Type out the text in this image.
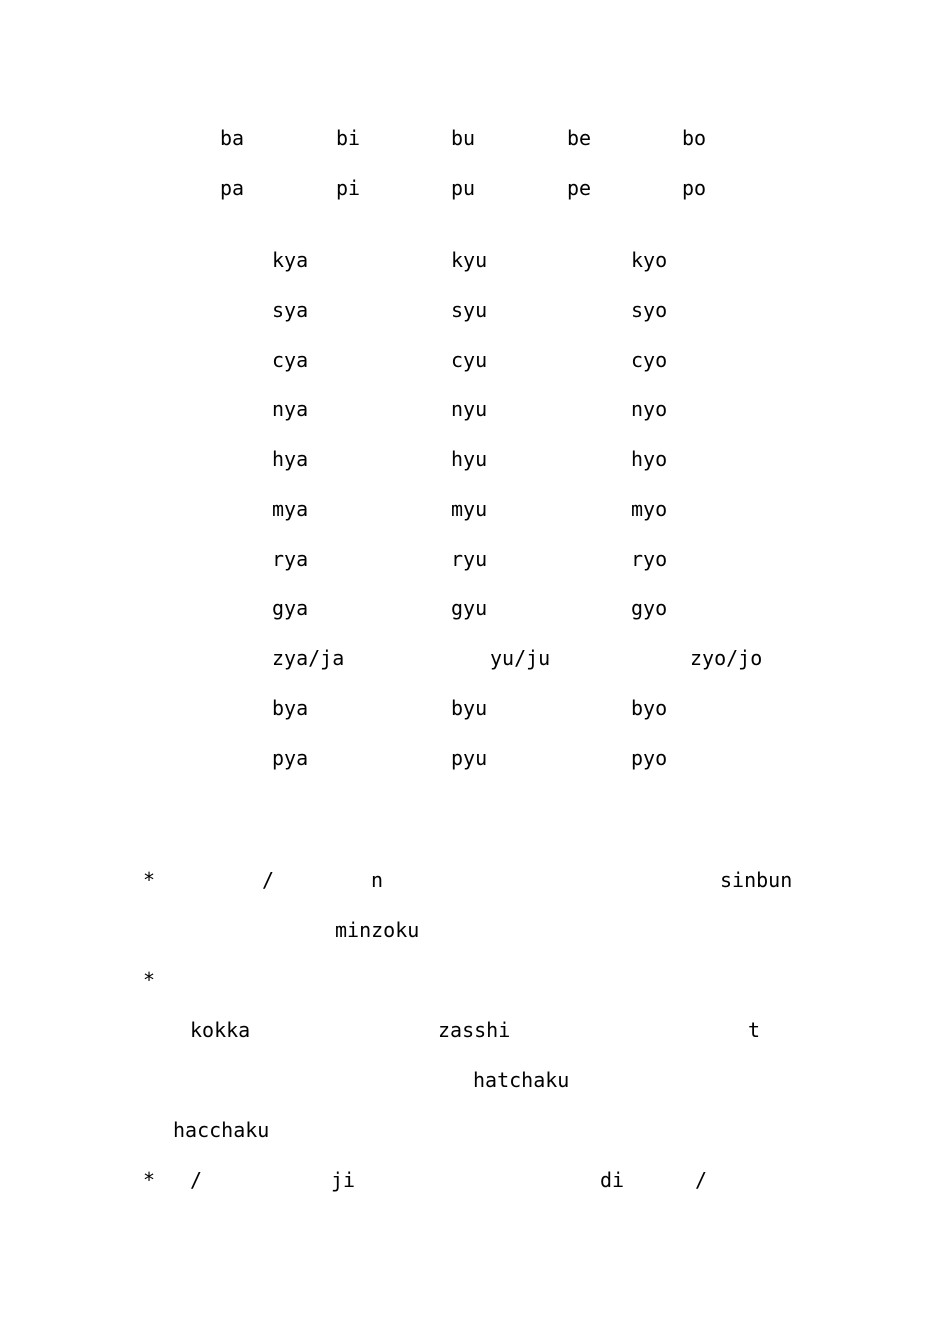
ba	bi	bu	be	bo
pa	pi	pu	pe	po
kya	kyu	kyo
sya	syu	syo
cya	cyu	cyo
nya	nyu	nyo
hya	hyu	hyo
mya	myu	myo
rya	ryu	ryo
gya	gyu	gyo
zya/ja	yu/ju	zyo/jo
bya	byu	byo
pya	pyu	pyo
*	/	n	sinbun
minzoku
*
kokka	zasshi	t
hatchaku
hacchaku
* /	ji	di	/
